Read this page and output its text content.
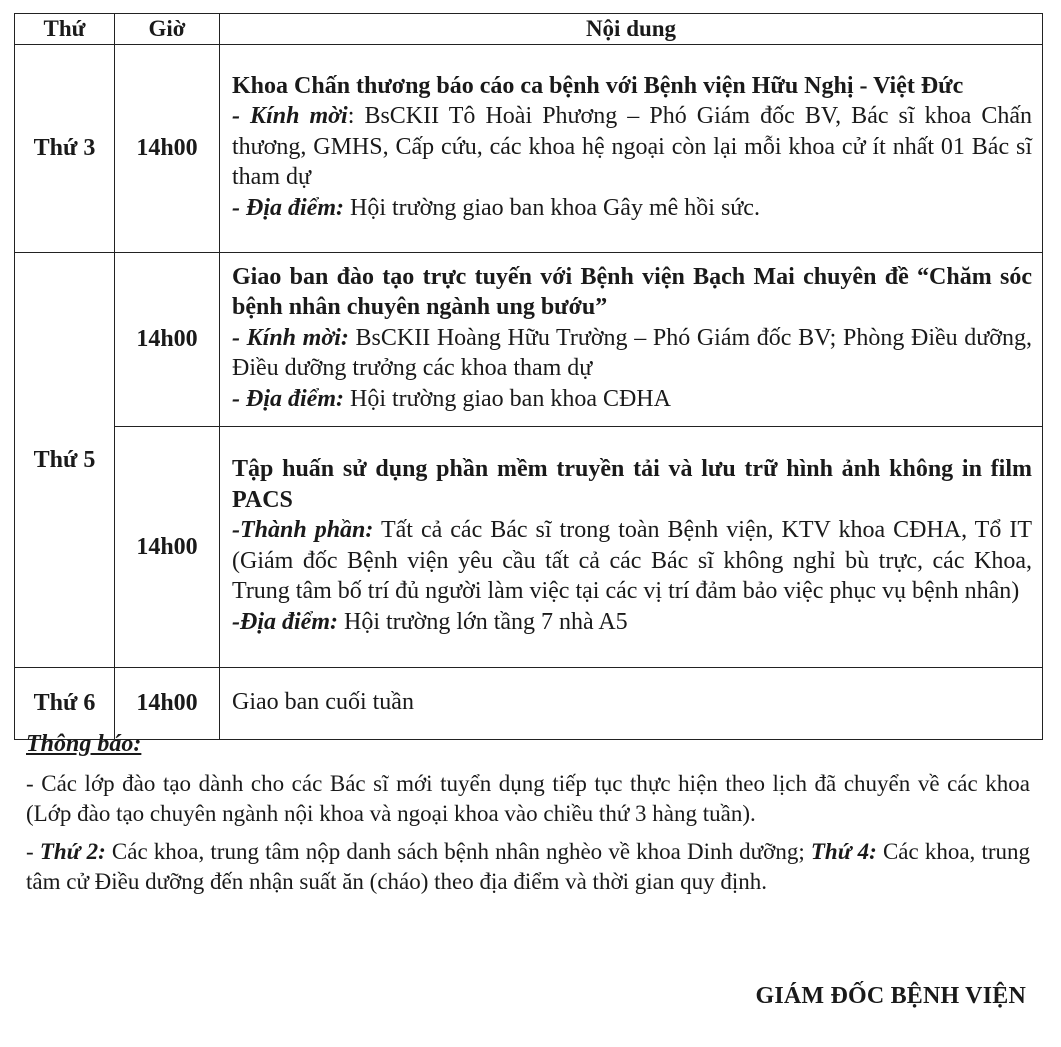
Thứ	Giờ	Nội dung
Thứ 3	14h00	Khoa Chấn thương báo cáo ca bệnh với Bệnh viện Hữu Nghị - Việt Đức
- Kính mời: BsCKII Tô Hoài Phương – Phó Giám đốc BV, Bác sĩ khoa Chấn thương, GMHS, Cấp cứu, các khoa hệ ngoại còn lại mỗi khoa cử ít nhất 01 Bác sĩ tham dự
- Địa điểm: Hội trường giao ban khoa Gây mê hồi sức.

Thứ 5	14h00	Giao ban đào tạo trực tuyến với Bệnh viện Bạch Mai chuyên đề “Chăm sóc bệnh nhân chuyên ngành ung bướu”
- Kính mời: BsCKII Hoàng Hữu Trường – Phó Giám đốc BV; Phòng Điều dưỡng, Điều dưỡng trưởng các khoa tham dự
- Địa điểm: Hội trường giao ban khoa CĐHA

	14h00	Tập huấn sử dụng phần mềm truyền tải và lưu trữ hình ảnh không in film PACS
-Thành phần: Tất cả các Bác sĩ trong toàn Bệnh viện, KTV khoa CĐHA, Tổ IT (Giám đốc Bệnh viện yêu cầu tất cả các Bác sĩ không nghỉ bù trực, các Khoa, Trung tâm bố trí đủ người làm việc tại các vị trí đảm bảo việc phục vụ bệnh nhân)
-Địa điểm: Hội trường lớn tầng 7 nhà A5

Thứ 6	14h00	Giao ban cuối tuần
Thông báo:

- Các lớp đào tạo dành cho các Bác sĩ mới tuyển dụng tiếp tục thực hiện theo lịch đã chuyển về các khoa (Lớp đào tạo chuyên ngành nội khoa và ngoại khoa vào chiều thứ 3 hàng tuần).

- Thứ 2: Các khoa, trung tâm nộp danh sách bệnh nhân nghèo về khoa Dinh dưỡng; Thứ 4: Các khoa, trung tâm cử Điều dưỡng đến nhận suất ăn (cháo) theo địa điểm và thời gian quy định.

GIÁM ĐỐC BỆNH VIỆN
